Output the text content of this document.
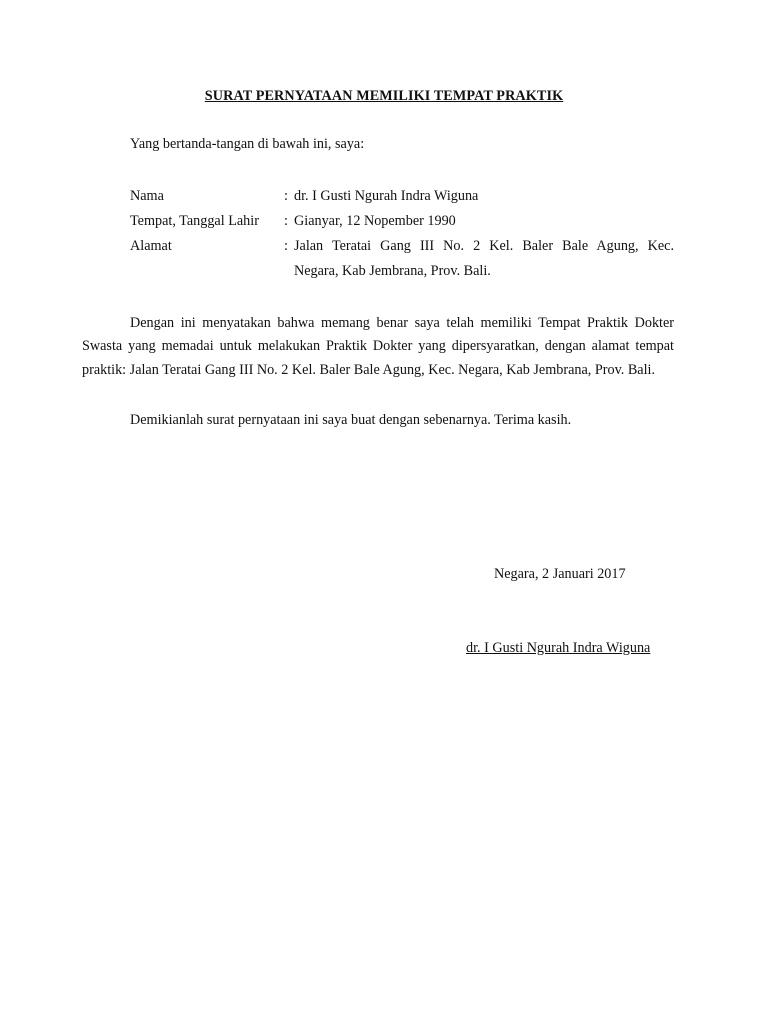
SURAT PERNYATAAN MEMILIKI TEMPAT PRAKTIK
Yang bertanda-tangan di bawah ini, saya:
Nama	: dr. I Gusti Ngurah Indra Wiguna
Tempat, Tanggal Lahir : Gianyar, 12 Nopember 1990
Alamat	: Jalan Teratai Gang III No. 2 Kel. Baler Bale Agung, Kec.
Negara, Kab Jembrana, Prov. Bali.

Dengan ini menyatakan bahwa memang benar saya telah memiliki Tempat Praktik Dokter Swasta yang memadai untuk melakukan Praktik Dokter yang dipersyaratkan, dengan alamat tempat praktik: Jalan Teratai Gang III No. 2 Kel. Baler Bale Agung, Kec. Negara, Kab Jembrana, Prov. Bali.

Demikianlah surat pernyataan ini saya buat dengan sebenarnya. Terima kasih.
Negara, 2 Januari 2017
dr. I Gusti Ngurah Indra Wiguna
